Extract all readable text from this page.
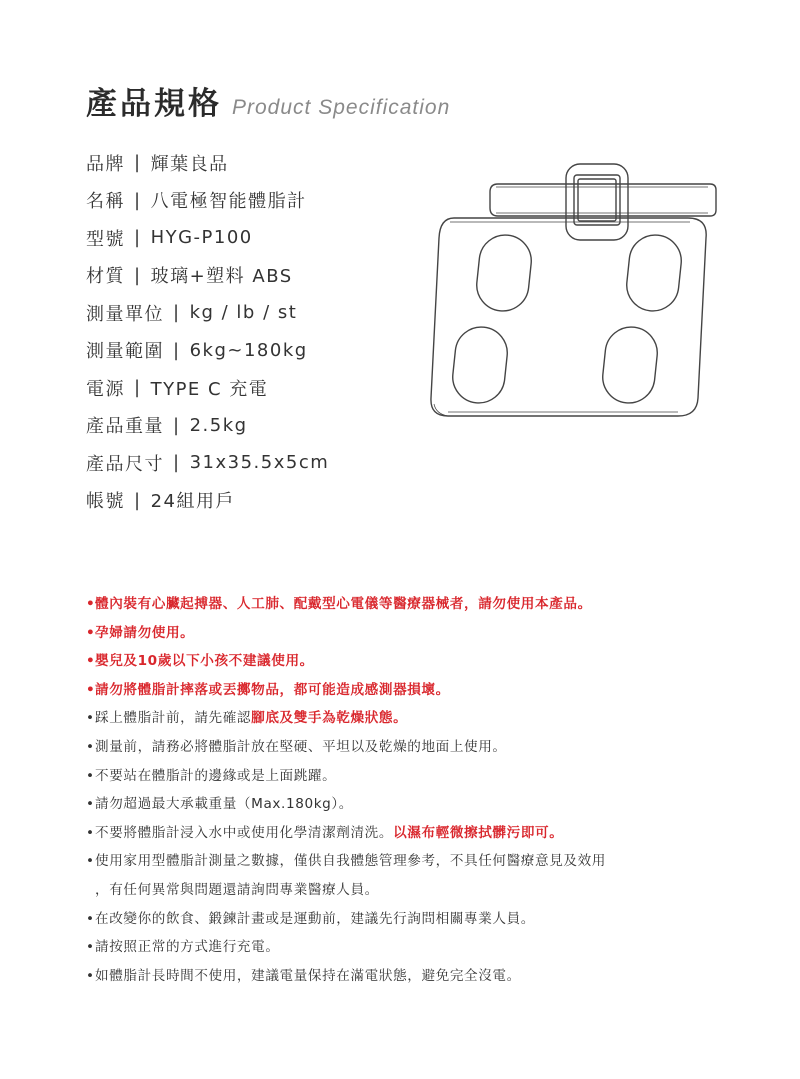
產品規格 Product Specification
品牌 | 輝葉良品
名稱 | 八電極智能體脂計
型號 | HYG-P100
材質 | 玻璃+塑料 ABS
測量單位 | kg / lb / st
測量範圍 | 6kg~180kg
電源 | TYPE C 充電
產品重量 | 2.5kg
產品尺寸 | 31x35.5x5cm
帳號 | 24組用戶
•體內裝有心臟起搏器、人工肺、配戴型心電儀等醫療器械者，請勿使用本產品。
•孕婦請勿使用。
•嬰兒及10歲以下小孩不建議使用。
•請勿將體脂計摔落或丟擲物品，都可能造成感測器損壞。
•踩上體脂計前，請先確認腳底及雙手為乾燥狀態。
•測量前，請務必將體脂計放在堅硬、平坦以及乾燥的地面上使用。
•不要站在體脂計的邊緣或是上面跳躍。
•請勿超過最大承載重量（Max.180kg）。
•不要將體脂計浸入水中或使用化學清潔劑清洗。以濕布輕微擦拭髒污即可。
•使用家用型體脂計測量之數據，僅供自我體態管理參考，不具任何醫療意見及效用
，有任何異常與問題還請詢問專業醫療人員。
•在改變你的飲食、鍛鍊計畫或是運動前，建議先行詢問相關專業人員。
•請按照正常的方式進行充電。
•如體脂計長時間不使用，建議電量保持在滿電狀態，避免完全沒電。
